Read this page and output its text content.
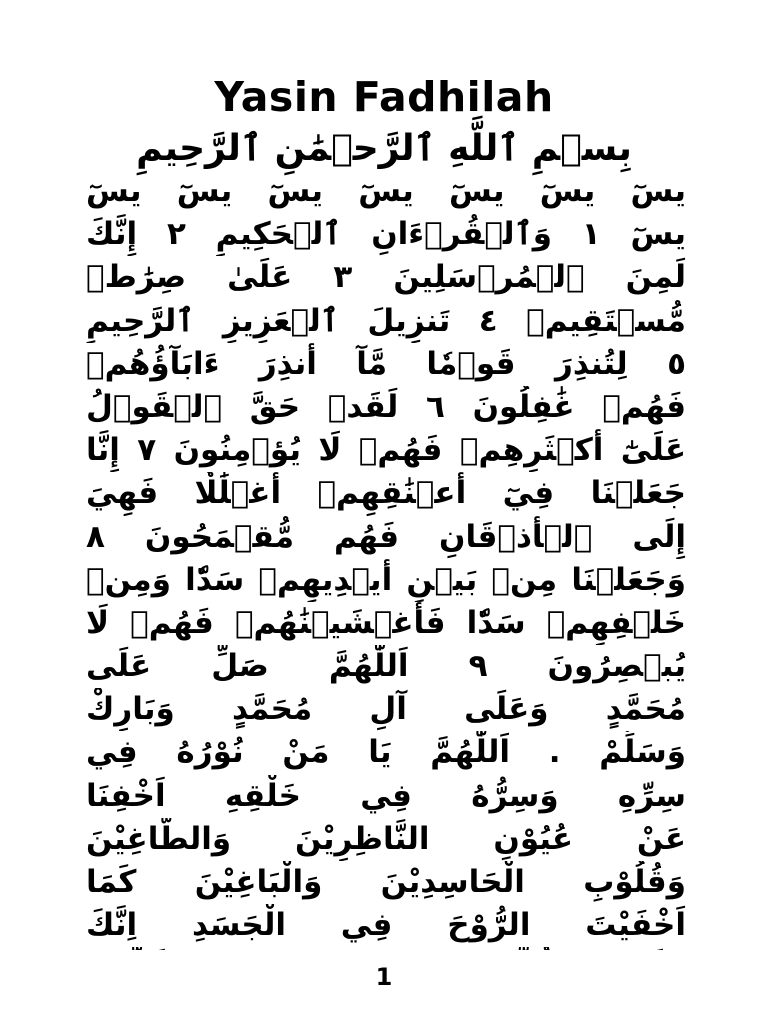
Yasin Fadhilah
بِسۡمِ ٱللَّهِ ٱلرَّحۡمَٰنِ ٱلرَّحِيمِ
يسٓ يسٓ يسٓ يسٓ يسٓ يسٓ يسٓ
يسٓ ١ وَٱلۡقُرۡءَانِ ٱلۡحَكِيمِ ٢ إِنَّكَ
لَمِنَ ٱلۡمُرۡسَلِينَ ٣ عَلَىٰ صِرَٰطٖ
مُّسۡتَقِيمٖ ٤ تَنزِيلَ ٱلۡعَزِيزِ ٱلرَّحِيمِ
٥ لِتُنذِرَ قَوۡمٗا مَّآ أُنذِرَ ءَابَآؤُهُمۡ
فَهُمۡ غَٰفِلُونَ ٦ لَقَدۡ حَقَّ ٱلۡقَوۡلُ
عَلَىٰٓ أَكۡثَرِهِمۡ فَهُمۡ لَا يُؤۡمِنُونَ ٧ إِنَّا
جَعَلۡنَا فِيٓ أَعۡنَٰقِهِمۡ أَغۡلَٰلٗا فَهِيَ
إِلَى ٱلۡأَذۡقَانِ فَهُم مُّقۡمَحُونَ ٨
وَجَعَلۡنَا مِنۢ بَيۡنِ أَيۡدِيهِمۡ سَدّٗا وَمِنۡ
خَلۡفِهِمۡ سَدّٗا فَأَغۡشَيۡنَٰهُمۡ فَهُمۡ لَا
يُبۡصِرُونَ ٩ اَللّٰهُمَّ صَلِّ عَلَى
مُحَمَّدٍ وَعَلَى آلِ مُحَمَّدٍ وَبَارِكْ
وَسَلِّمْ . اَللّٰهُمَّ يَا مَنْ نُوْرُهُ فِي
سِرِّهِ وَسِرُّهُ فِي خَلْقِهِ اَخْفِنَا
عَنْ عُيُوْنِ النَّاظِرِيْنَ وَالطَّاغِيْنَ
وَقُلُوْبِ الْحَاسِدِيْنَ وَالْبَاغِيْنَ كَمَا
اَخْفَيْتَ الرُّوْحَ فِي الْجَسَدِ اِنَّكَ
1
